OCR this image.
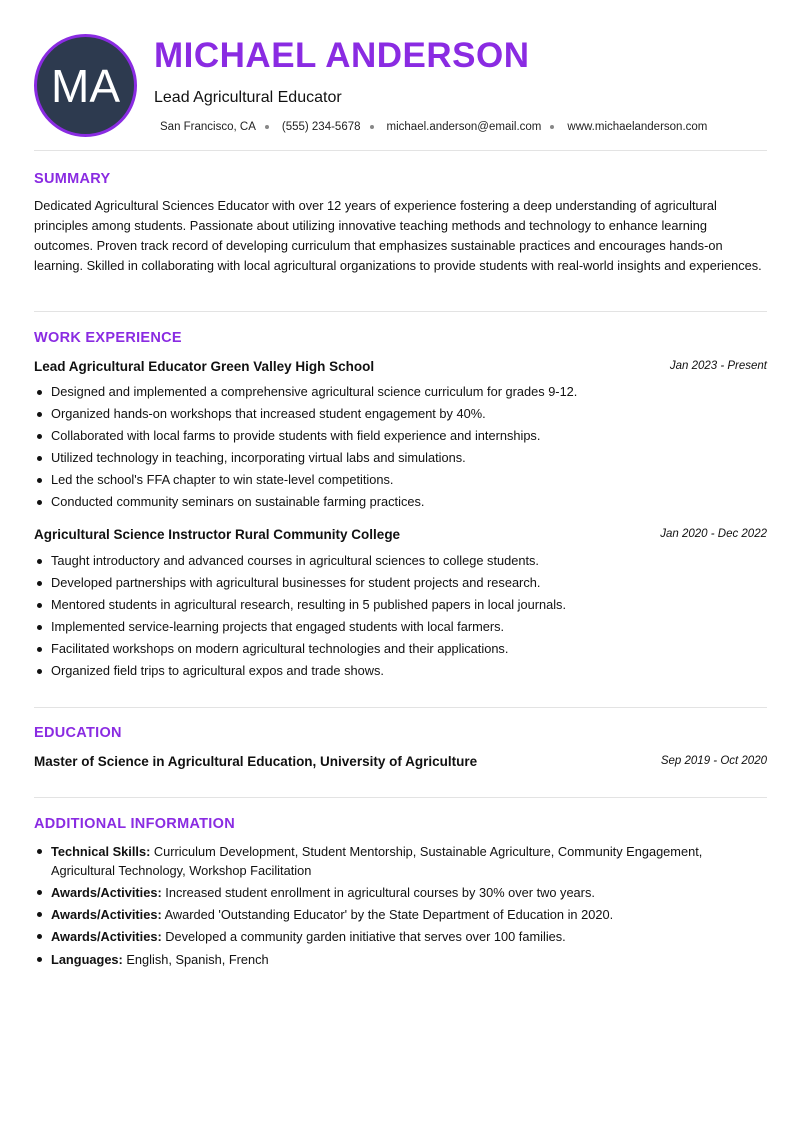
MA
MICHAEL ANDERSON
Lead Agricultural Educator
San Francisco, CA (555) 234-5678 michael.anderson@email.com www.michaelanderson.com
SUMMARY
Dedicated Agricultural Sciences Educator with over 12 years of experience fostering a deep understanding of agricultural principles among students. Passionate about utilizing innovative teaching methods and technology to enhance learning outcomes. Proven track record of developing curriculum that emphasizes sustainable practices and encourages hands-on learning. Skilled in collaborating with local agricultural organizations to provide students with real-world insights and experiences.
WORK EXPERIENCE
Lead Agricultural Educator Green Valley High School	Jan 2023 - Present
Designed and implemented a comprehensive agricultural science curriculum for grades 9-12.
Organized hands-on workshops that increased student engagement by 40%.
Collaborated with local farms to provide students with field experience and internships.
Utilized technology in teaching, incorporating virtual labs and simulations.
Led the school's FFA chapter to win state-level competitions.
Conducted community seminars on sustainable farming practices.
Agricultural Science Instructor Rural Community College	Jan 2020 - Dec 2022
Taught introductory and advanced courses in agricultural sciences to college students.
Developed partnerships with agricultural businesses for student projects and research.
Mentored students in agricultural research, resulting in 5 published papers in local journals.
Implemented service-learning projects that engaged students with local farmers.
Facilitated workshops on modern agricultural technologies and their applications.
Organized field trips to agricultural expos and trade shows.
EDUCATION
Master of Science in Agricultural Education, University of Agriculture	Sep 2019 - Oct 2020
ADDITIONAL INFORMATION
Technical Skills: Curriculum Development, Student Mentorship, Sustainable Agriculture, Community Engagement, Agricultural Technology, Workshop Facilitation
Awards/Activities: Increased student enrollment in agricultural courses by 30% over two years.
Awards/Activities: Awarded 'Outstanding Educator' by the State Department of Education in 2020.
Awards/Activities: Developed a community garden initiative that serves over 100 families.
Languages: English, Spanish, French
